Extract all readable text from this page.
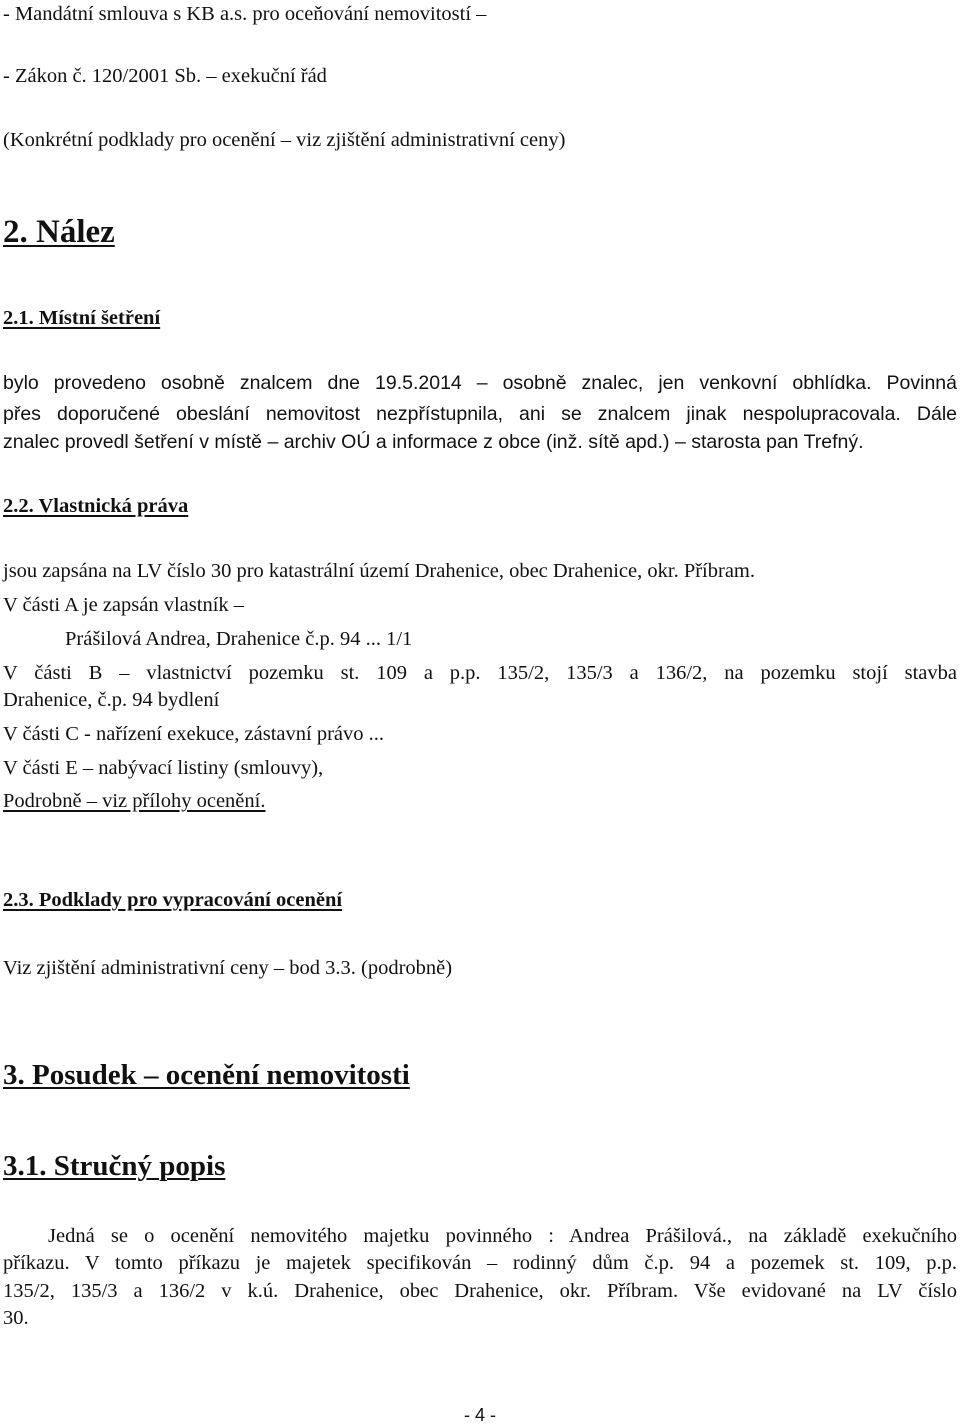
- Mandátní smlouva s KB a.s. pro oceňování nemovitostí –
- Zákon č. 120/2001 Sb. – exekuční řád
(Konkrétní podklady pro ocenění – viz zjištění administrativní ceny)
2. Nález
2.1. Místní šetření
bylo provedeno osobně znalcem dne 19.5.2014 – osobně znalec, jen venkovní obhlídka. Povinná
přes doporučené obeslání nemovitost nezpřístupnila, ani se znalcem jinak nespolupracovala. Dále
znalec provedl šetření v místě – archiv OÚ a informace z obce (inž. sítě apd.) – starosta pan Trefný.
2.2. Vlastnická práva
jsou zapsána na LV číslo 30 pro katastrální území Drahenice, obec Drahenice, okr. Příbram.
V části A je zapsán vlastník –
Prášilová Andrea, Drahenice č.p. 94 ... 1/1
V části B – vlastnictví pozemku st. 109 a p.p. 135/2, 135/3 a 136/2, na pozemku stojí stavba
Drahenice, č.p. 94 bydlení
V části C - nařízení exekuce, zástavní právo ...
V části E – nabývací listiny (smlouvy),
Podrobně – viz přílohy ocenění.
2.3. Podklady pro vypracování ocenění
Viz zjištění administrativní ceny – bod 3.3. (podrobně)
3. Posudek – ocenění nemovitosti
3.1. Stručný popis
Jedná se o ocenění nemovitého majetku povinného : Andrea Prášilová., na základě exekučního
příkazu. V tomto příkazu je majetek specifikován – rodinný dům č.p. 94 a pozemek st. 109, p.p.
135/2, 135/3 a 136/2 v k.ú. Drahenice, obec Drahenice, okr. Příbram. Vše evidované na LV číslo
30.
- 4 -
